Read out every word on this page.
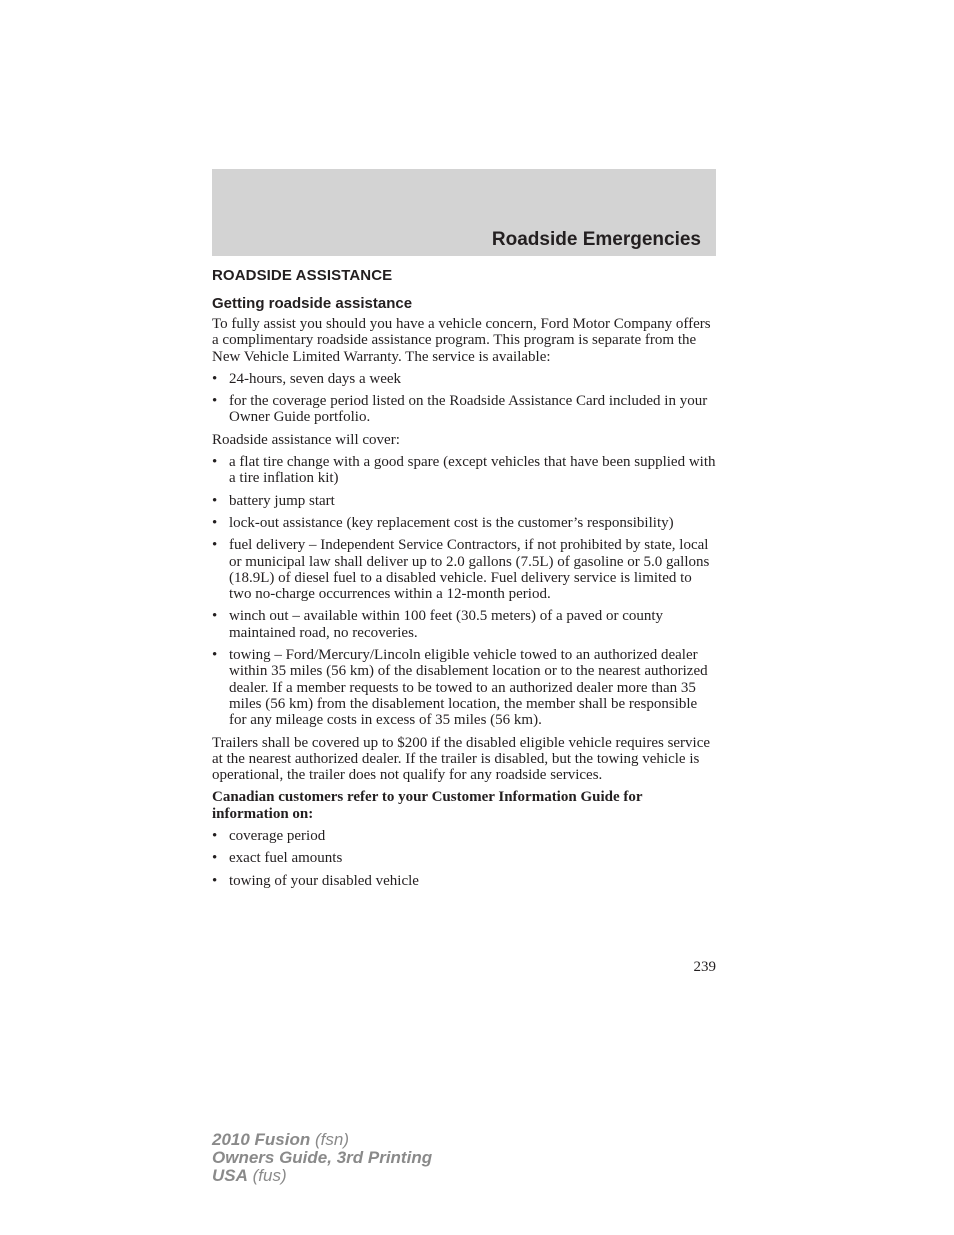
Roadside Emergencies
ROADSIDE ASSISTANCE
Getting roadside assistance

To fully assist you should you have a vehicle concern, Ford Motor Company offers a complimentary roadside assistance program. This program is separate from the New Vehicle Limited Warranty. The service is available:

• 24-hours, seven days a week
• for the coverage period listed on the Roadside Assistance Card included in your Owner Guide portfolio.

Roadside assistance will cover:

• a flat tire change with a good spare (except vehicles that have been supplied with a tire inflation kit)
• battery jump start
• lock-out assistance (key replacement cost is the customer’s responsibility)
• fuel delivery – Independent Service Contractors, if not prohibited by state, local or municipal law shall deliver up to 2.0 gallons (7.5L) of gasoline or 5.0 gallons (18.9L) of diesel fuel to a disabled vehicle. Fuel delivery service is limited to two no-charge occurrences within a 12-month period.
• winch out – available within 100 feet (30.5 meters) of a paved or county maintained road, no recoveries.
• towing – Ford/Mercury/Lincoln eligible vehicle towed to an authorized dealer within 35 miles (56 km) of the disablement location or to the nearest authorized dealer. If a member requests to be towed to an authorized dealer more than 35 miles (56 km) from the disablement location, the member shall be responsible for any mileage costs in excess of 35 miles (56 km).

Trailers shall be covered up to $200 if the disabled eligible vehicle requires service at the nearest authorized dealer. If the trailer is disabled, but the towing vehicle is operational, the trailer does not qualify for any roadside services.

Canadian customers refer to your Customer Information Guide for information on:

• coverage period
• exact fuel amounts
• towing of your disabled vehicle
239
2010 Fusion (fsn)
Owners Guide, 3rd Printing
USA (fus)
